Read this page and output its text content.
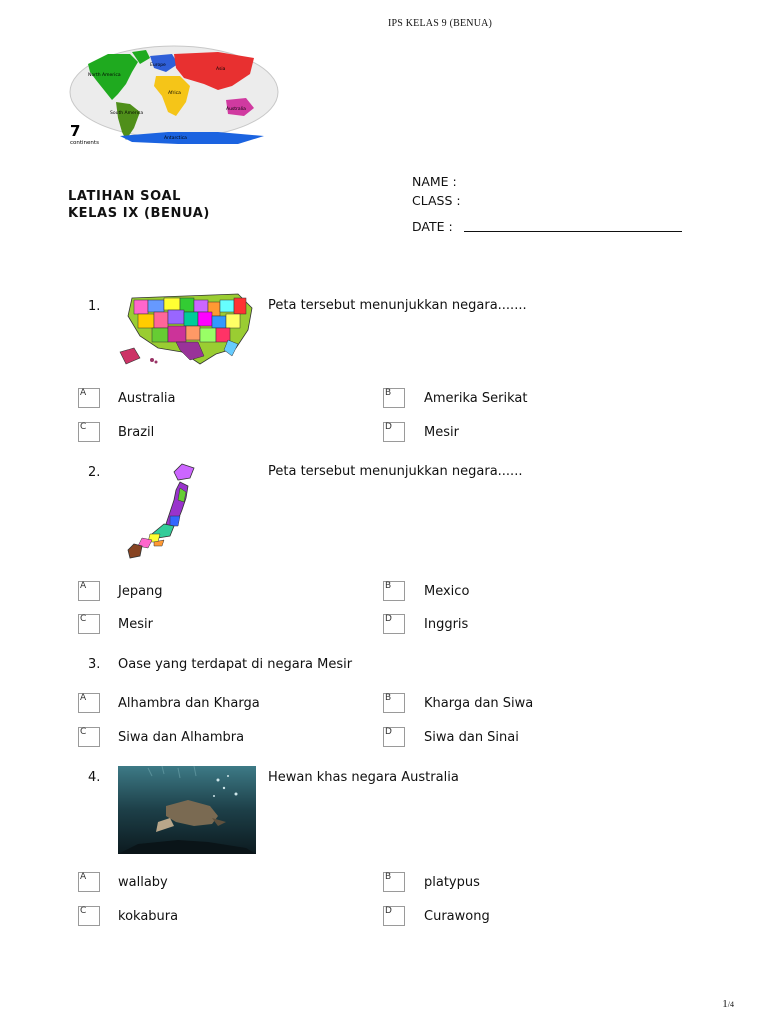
IPS KELAS 9 (BENUA)
North America
South America
Europe
Asia
Africa
Australia
Antarctica
7
continents
LATIHAN SOAL
KELAS IX (BENUA)
NAME :
CLASS :
DATE :
1.	Peta tersebut menunjukkan negara.......
A Australia	B	Amerika Serikat
C Brazil	D Mesir
2.	Peta tersebut menunjukkan negara......
A Jepang	B	Mexico
C Mesir	D Inggris
3. Oase yang terdapat di negara Mesir
A Alhambra dan Kharga	B	Kharga dan Siwa
C Siwa dan Alhambra	D Siwa dan Sinai
4.	Hewan khas negara Australia
A wallaby	B	platypus
C kokabura	D Curawong
1/4
